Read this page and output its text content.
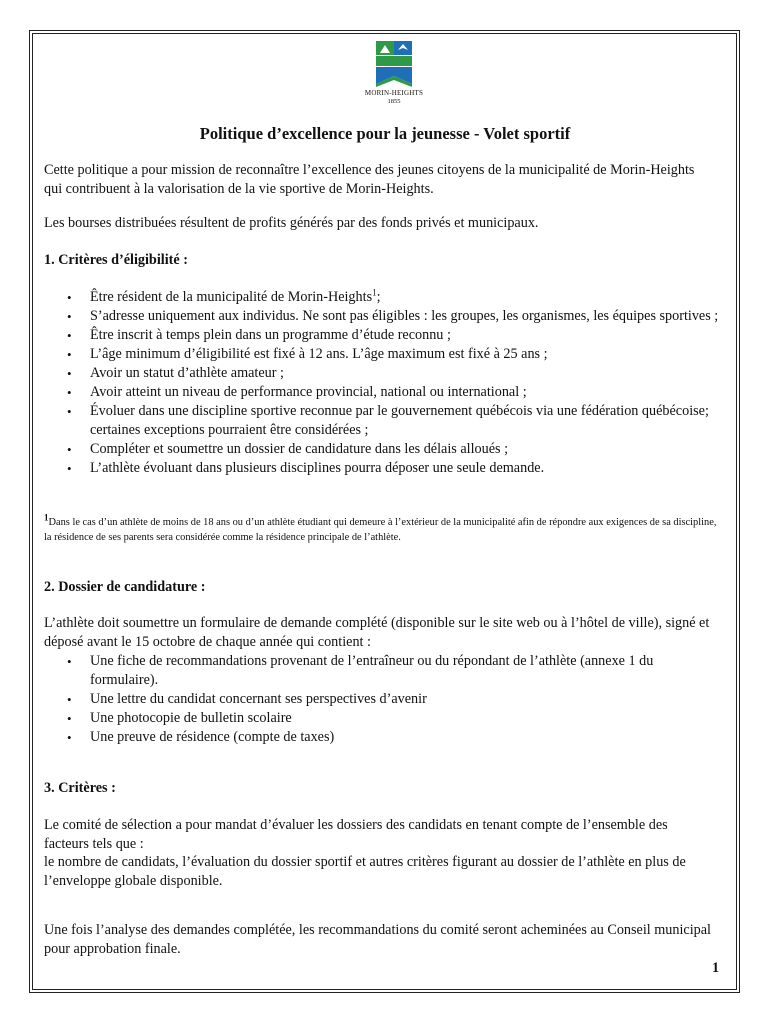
MORIN-HEIGHTS
1855
Politique d’excellence pour la jeunesse - Volet sportif

Cette politique a pour mission de reconnaître l’excellence des jeunes citoyens de la municipalité de Morin-Heights qui contribuent à la valorisation de la vie sportive de Morin-Heights.

Les bourses distribuées résultent de profits générés par des fonds privés et municipaux.

1. Critères d’éligibilité :

• Être résident de la municipalité de Morin-Heights$^1$;
• S’adresse uniquement aux individus. Ne sont pas éligibles : les groupes, les organismes, les équipes sportives ;
• Être inscrit à temps plein dans un programme d’étude reconnu ;
• L’âge minimum d’éligibilité est fixé à 12 ans. L’âge maximum est fixé à 25 ans ;
• Avoir un statut d’athlète amateur ;
• Avoir atteint un niveau de performance provincial, national ou international ;
• Évoluer dans une discipline sportive reconnue par le gouvernement québécois via une fédération québécoise; certaines exceptions pourraient être considérées ;
• Compléter et soumettre un dossier de candidature dans les délais alloués ;
• L’athlète évoluant dans plusieurs disciplines pourra déposer une seule demande.
$^1$Dans le cas d’un athlète de moins de 18 ans ou d’un athlète étudiant qui demeure à l’extérieur de la municipalité afin de répondre aux exigences de sa discipline, la résidence de ses parents sera considérée comme la résidence principale de l’athlète.

2. Dossier de candidature :

L’athlète doit soumettre un formulaire de demande complété (disponible sur le site web ou à l’hôtel de ville), signé et déposé avant le 15 octobre de chaque année qui contient :

• Une fiche de recommandations provenant de l’entraîneur ou du répondant de l’athlète (annexe 1 du formulaire).
• Une lettre du candidat concernant ses perspectives d’avenir
• Une photocopie de bulletin scolaire
• Une preuve de résidence (compte de taxes)

3. Critères :

Le comité de sélection a pour mandat d’évaluer les dossiers des candidats en tenant compte de l’ensemble des facteurs tels que :

le nombre de candidats, l’évaluation du dossier sportif et autres critères figurant au dossier de l’athlète en plus de l’enveloppe globale disponible.

Une fois l’analyse des demandes complétée, les recommandations du comité seront acheminées au Conseil municipal pour approbation finale.

1
